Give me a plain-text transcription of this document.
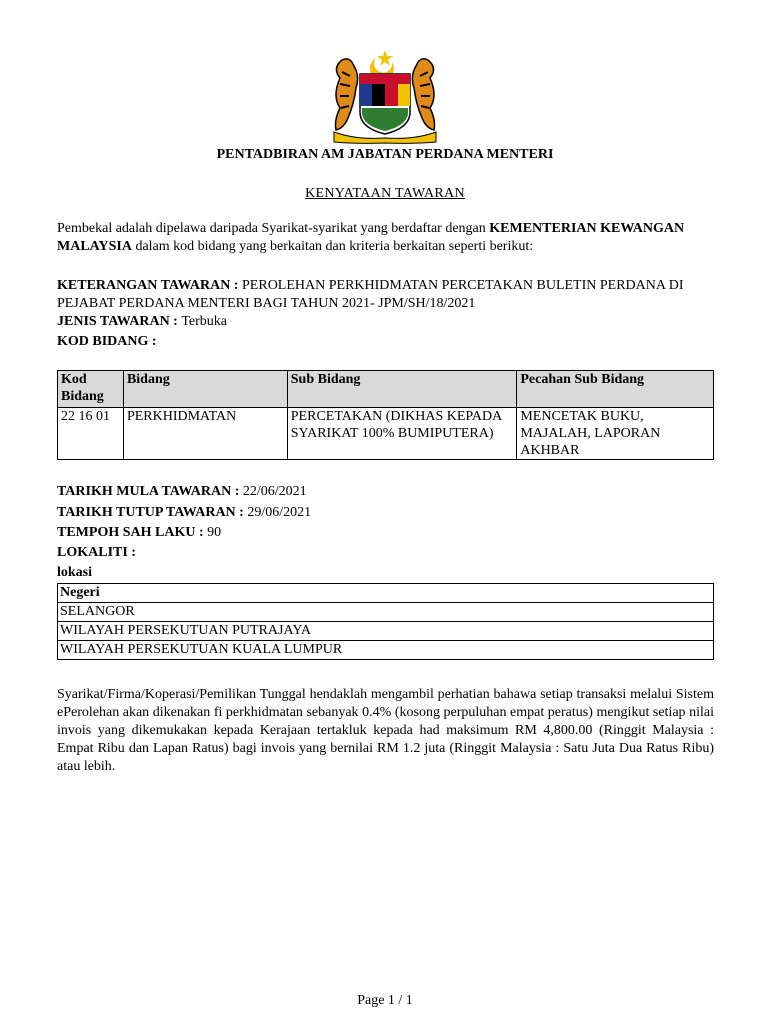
PENTADBIRAN AM JABATAN PERDANA MENTERI
KENYATAAN TAWARAN
Pembekal adalah dipelawa daripada Syarikat-syarikat yang berdaftar dengan KEMENTERIAN KEWANGAN MALAYSIA dalam kod bidang yang berkaitan dan kriteria berkaitan seperti berikut:
KETERANGAN TAWARAN : PEROLEHAN PERKHIDMATAN PERCETAKAN BULETIN PERDANA DI PEJABAT PERDANA MENTERI BAGI TAHUN 2021- JPM/SH/18/2021
JENIS TAWARAN : Terbuka
KOD BIDANG :
Kod Bidang	Bidang	Sub Bidang	Pecahan Sub Bidang
22 16 01	PERKHIDMATAN	PERCETAKAN (DIKHAS KEPADA SYARIKAT 100% BUMIPUTERA)	MENCETAK BUKU, MAJALAH, LAPORAN AKHBAR
TARIKH MULA TAWARAN : 22/06/2021
TARIKH TUTUP TAWARAN : 29/06/2021
TEMPOH SAH LAKU : 90
LOKALITI :
lokasi
Negeri
SELANGOR
WILAYAH PERSEKUTUAN PUTRAJAYA
WILAYAH PERSEKUTUAN KUALA LUMPUR
Syarikat/Firma/Koperasi/Pemilikan Tunggal hendaklah mengambil perhatian bahawa setiap transaksi melalui Sistem ePerolehan akan dikenakan fi perkhidmatan sebanyak 0.4% (kosong perpuluhan empat peratus) mengikut setiap nilai invois yang dikemukakan kepada Kerajaan tertakluk kepada had maksimum RM 4,800.00 (Ringgit Malaysia : Empat Ribu dan Lapan Ratus) bagi invois yang bernilai RM 1.2 juta (Ringgit Malaysia : Satu Juta Dua Ratus Ribu) atau lebih.
Page 1 / 1
